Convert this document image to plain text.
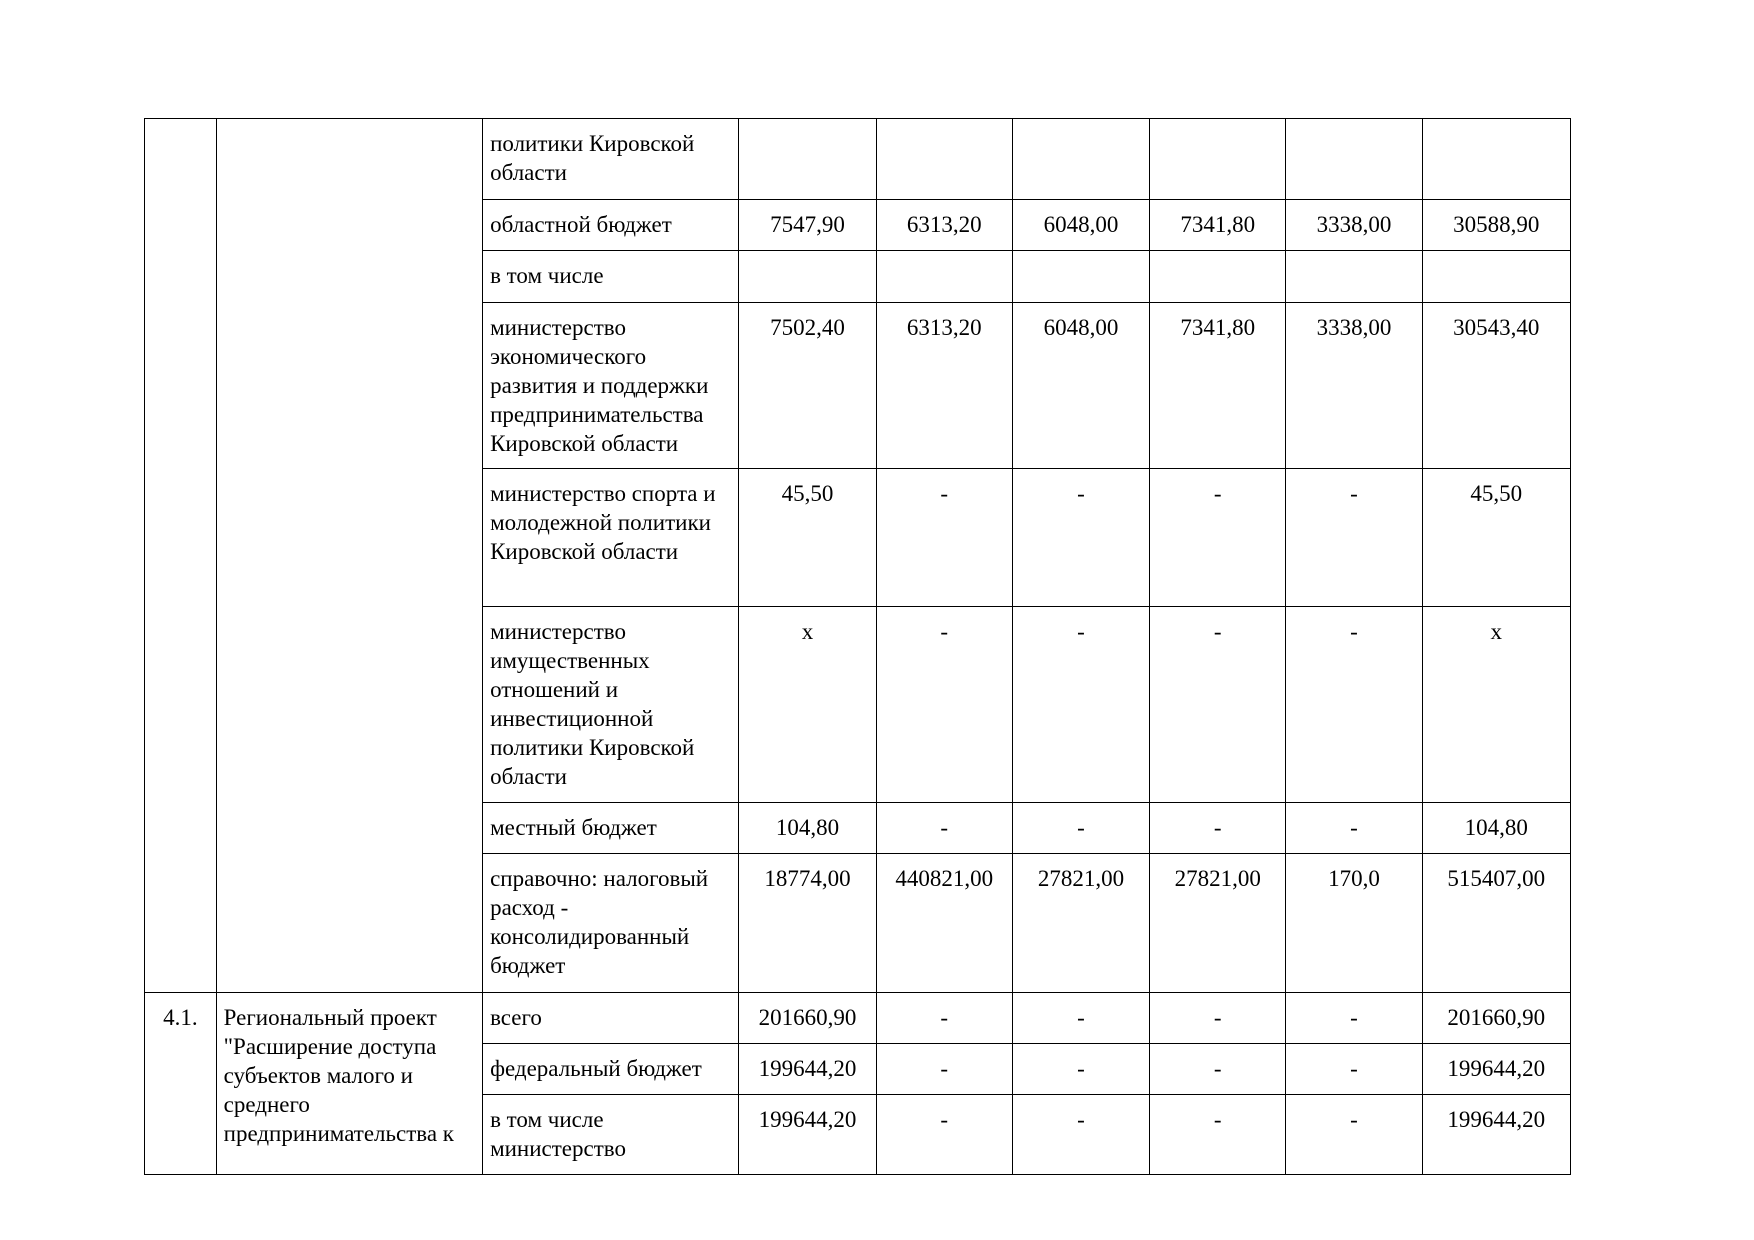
		политики Кировской области						
		областной бюджет	7547,90	6313,20	6048,00	7341,80	3338,00	30588,90
		в том числе						
		министерство экономического развития и поддержки предпринимательства Кировской области	7502,40	6313,20	6048,00	7341,80	3338,00	30543,40
		министерство спорта и молодежной политики Кировской области	45,50	-	-	-	-	45,50
		министерство имущественных отношений и инвестиционной политики Кировской области	х	-	-	-	-	х
		местный бюджет	104,80	-	-	-	-	104,80
		справочно: налоговый расход - консолидированный бюджет	18774,00	440821,00	27821,00	27821,00	170,0	515407,00
4.1.	Региональный проект "Расширение доступа субъектов малого и среднего предпринимательства к	всего	201660,90	-	-	-	-	201660,90
		федеральный бюджет	199644,20	-	-	-	-	199644,20
		в том числе министерство	199644,20	-	-	-	-	199644,20
